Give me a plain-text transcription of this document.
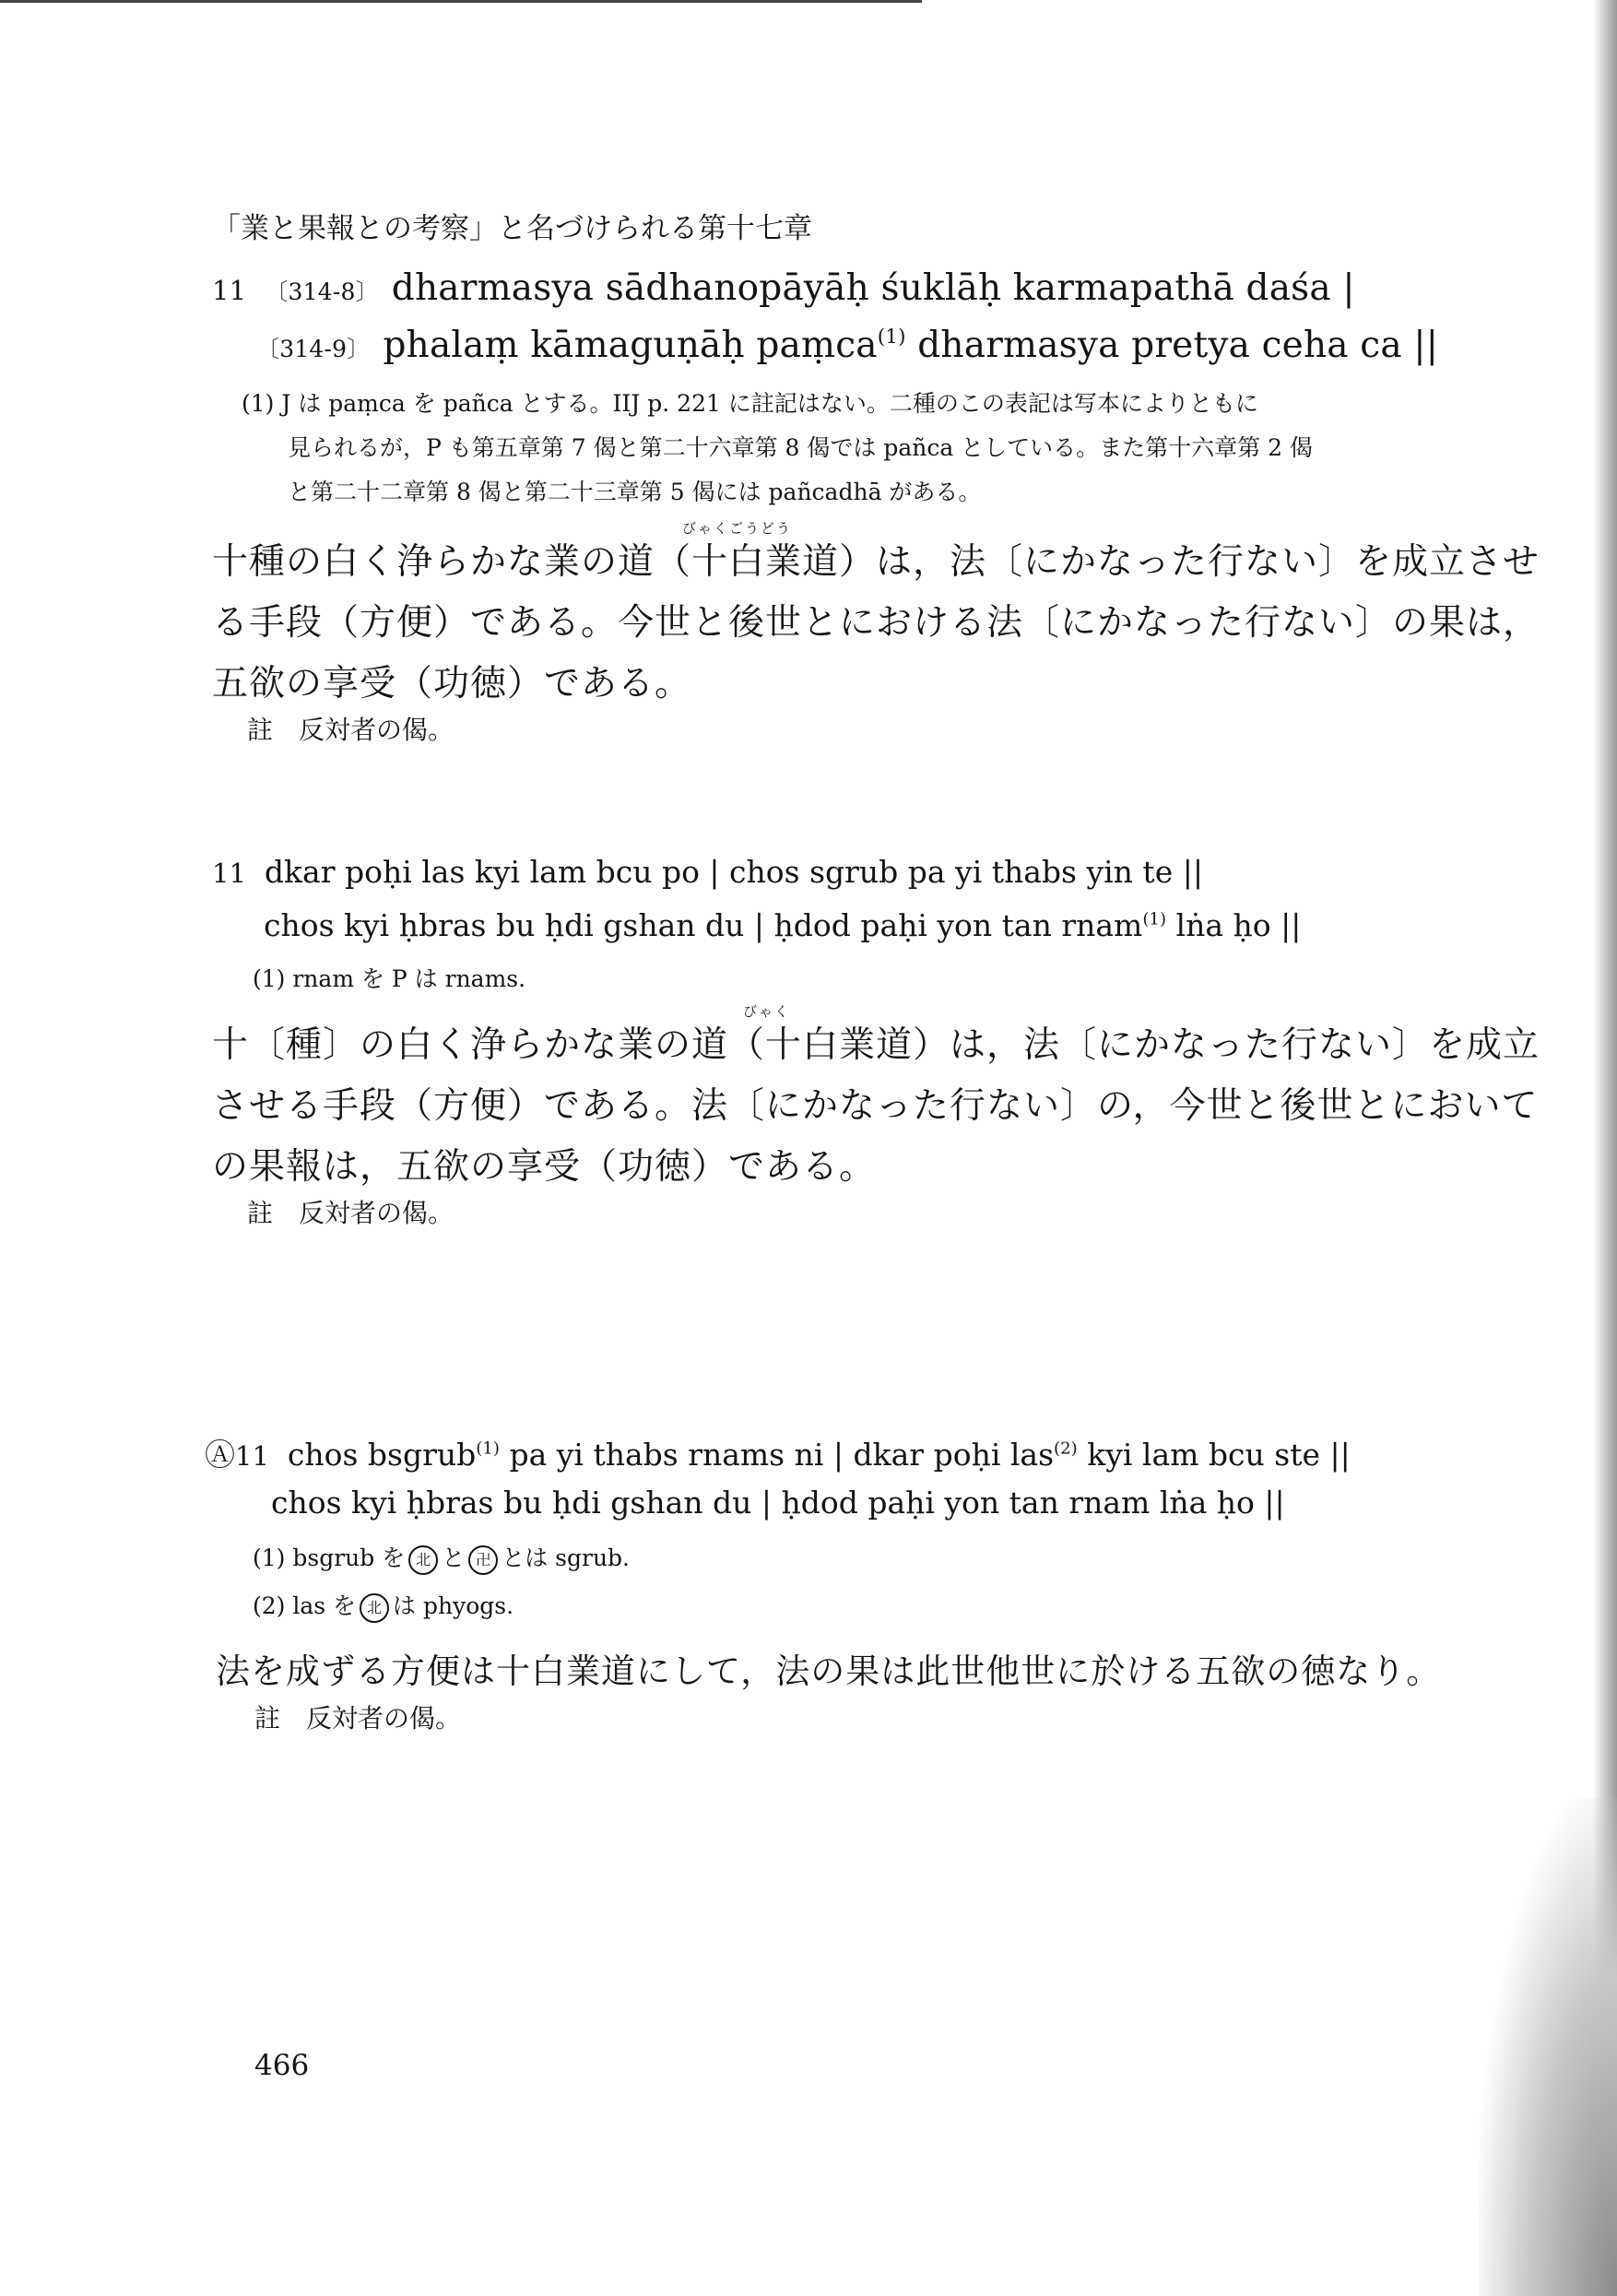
「業と果報との考察」と名づけられる第十七章
11 〔314-8〕 dharmasya sādhanopāyāḥ śuklāḥ karmapathā daśa |
〔314-9〕 phalaṃ kāmaguṇāḥ paṃca$^{(1)}$ dharmasya pretya ceha ca ||
(1) J は paṃca を pañca とする。IIJ p. 221 に註記はない。二種のこの表記は写本によりともに
見られるが，P も第五章第 7 偈と第二十六章第 8 偈では pañca としている。また第十六章第 2 偈
と第二十二章第 8 偈と第二十三章第 5 偈には pañcadhā がある。
びゃくごうどう
十種の白く浄らかな業の道（十白業道）は，法〔にかなった行ない〕を成立させ
る手段（方便）である。今世と後世とにおける法〔にかなった行ない〕の果は，
五欲の享受（功徳）である。
註　反対者の偈。
11 dkar poḥi las kyi lam bcu po | chos sgrub pa yi thabs yin te ||
chos kyi ḥbras bu ḥdi gshan du | ḥdod paḥi yon tan rnam$^{(1)}$ lṅa ḥo ||
(1) rnam を P は rnams.
びゃく
十〔種〕の白く浄らかな業の道（十白業道）は，法〔にかなった行ない〕を成立
させる手段（方便）である。法〔にかなった行ない〕の，今世と後世とにおいて
の果報は，五欲の享受（功徳）である。
註　反対者の偈。
Ⓐ11 chos bsgrub$^{(1)}$ pa yi thabs rnams ni | dkar poḥi las$^{(2)}$ kyi lam bcu ste ||
chos kyi ḥbras bu ḥdi gshan du | ḥdod paḥi yon tan rnam lṅa ḥo ||
(1) bsgrub を 北 と 卍 とは sgrub.
(2) las を 北 は phyogs.
法を成ずる方便は十白業道にして，法の果は此世他世に於ける五欲の徳なり。
註　反対者の偈。
466
